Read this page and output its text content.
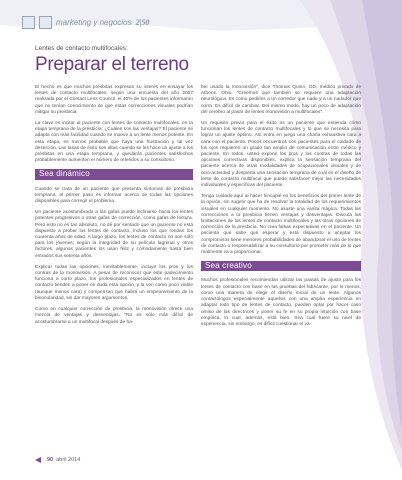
marketing y negocios 2|50
Lentes de contacto multifocales:
Preparar el terreno

El hecho es que muchos présbitas expresan su interés en ensayar los lentes de contacto multifocales, según una encuesta del año 2007 realizada por el Contact Lens Council. el 40% de los pacientes informaron que no tenían conocimiento de que estas correcciones visuales podrían mitigar su presbicia.

La clave es incitar al paciente con lentes de contacto multifocales, en la etapa temprana de la présbicia: ¿Cuáles son las ventajas? El paciente se adapta con más facilidad cuando se mueve a un lente menos potente. En esta etapa, es menos probable que haya una frustración y tal vez deserción. Las tasas de éxito son altas cuando se les hace un ajuste a los présbitas en una etapa temprana, y quedarán pacientes satisfechos probablemente aumenten el número de referidos a su consultorio.

Sea dinámico

Cuando se trata de un paciente que presenta síntomas de presbicia temprana, el primer paso es informar acerca de todas las opciones disponibles para corregir el problema.

Un paciente acostumbrado a las gafas puede inclinarse hacia los lentes potentes progresivos o otras gafas de corrección, como gafas de lectura. Pero esto no es tan absoluto, no dé por sentado que un paciente no está dispuesto a probar los lentes de contacto, incluso los que rondan los cuarenta años de edad. A largo plazo, los lentes de contacto no son sólo para los jóvenes; según la integridad de su película lagrimal y otros factores, algunos pacientes los usan feliz y cómodamente hasta bien entrados sus setenta años.

Explicar todas las opciones, inevitablemente, incluye los pros y los contras de la monovisión. A pesar de reconocer que este padecimiento funciona a corto plazo, los profesionales especializados en lentes de contacto tienden a poner en duda esta opción, y la ven como poco viable (aunque menos cara) y compensan que habrá un empeoramiento de la binocularidad, sin dar mayores argumentos.

Como en cualquier corrección de presbicia, la monovisión ofrece una mezcla de ventajas y desventajas. "No es sólo más difícil de acostumbrarse a un multifocal después de ha-

ber usado la monovisión", dice Thomas Quinn, OD, médico privado de Athens, Ohio. "Creemos que también se requiere una adaptación neurológica. Es como pedirles a un corredor que nade y a un nadador que corra. Es difícil de cambiar. Del mismo modo, hay un poco de adaptación del cerebro al pasar de lentes monovisión a multifocales".

Un requisito previo para el éxito es un paciente que entienda cómo funcionan los lentes de contacto multifocales y lo que se necesita para lograr un ajuste óptimo. Así entra en juego una charla exhaustiva cara a cara con el paciente. Pocos encuentros con pacientes para el cuidado de los ojos requieren un grado tan amplio de comunicación entre médico y paciente. En todos, usted expone los pros y los contras de todas las opciones correctivas disponibles, explica la sensación temprana del paciente acerca de otras modalidades de ocupacionales visuales y de ocio-actividad y despierta una sensación temprana de cuál es el diseño de lente de contacto multifocal que puede satisfacer mejor las necesidades individuales y específicas del paciente.

Tenga cuidado aquí al hacer hincapié en los beneficios del primer lente de la opción, sin sugerir que ha de resolver la totalidad de los requerimientos visuales en cualquier momento. No asuste una vanita mágica. Todas las correcciones a la presbicia tienen ventajas y desventajas. Discuta las limitaciones de los lentes de contacto multifocales y las otras opciones de corrección de la presbicia. No crea falsas expectativas en el paciente. Un paciente que sabe qué esperar y está dispuesto a aceptar los compromisos tiene menores probabilidades de abandonar el uso de lentes de contacto o responsabilizar a su consultorio por prometer más de lo que realmente va a proporcionar.

Sea creativo

Muchos profesionales recomiendan utilizar las pautas de ajuste para los lentes de contacto con base en las pruebas del fabricante, por lo menos, como una manera de elegir el diseño inicial de un lente. Algunos contactólogos especialmente aquellos con una amplia experiencia en adaptar todo tipo de lentes de contacto, pueden optar por hacer caso omiso de las directrices y poner su fe en su propia intuición con base empírica, lo cual, además, está bien. Sea cual fuere su nivel de experiencia, sin embargo, es difícil cuestionar el va-

90 abril 2014
